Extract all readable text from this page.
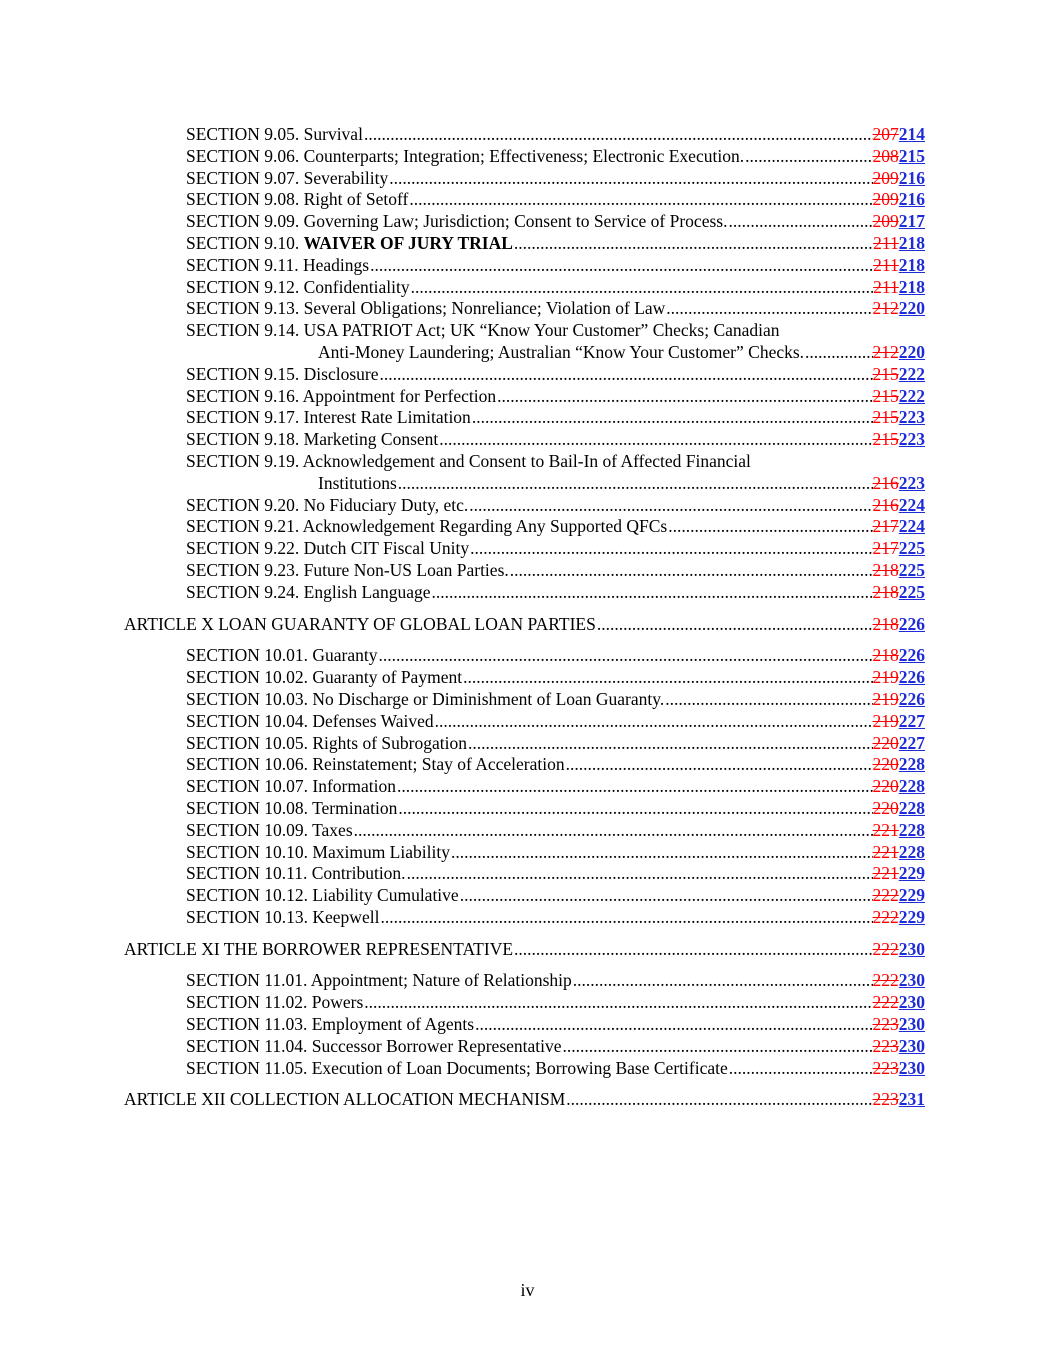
SECTION 9.05. Survival .....	207214
SECTION 9.06. Counterparts; Integration; Effectiveness; Electronic Execution. .....	208215
SECTION 9.07. Severability .....	209216
SECTION 9.08. Right of Setoff .....	209216
SECTION 9.09. Governing Law; Jurisdiction; Consent to Service of Process. .....	209217
SECTION 9.10. WAIVER OF JURY TRIAL .....	211218
SECTION 9.11. Headings .....	211218
SECTION 9.12. Confidentiality .....	211218
SECTION 9.13. Several Obligations; Nonreliance; Violation of Law .....	212220
SECTION 9.14. USA PATRIOT Act; UK “Know Your Customer” Checks; Canadian
Anti-Money Laundering; Australian “Know Your Customer” Checks. .....	212220
SECTION 9.15. Disclosure .....	215222
SECTION 9.16. Appointment for Perfection .....	215222
SECTION 9.17. Interest Rate Limitation .....	215223
SECTION 9.18. Marketing Consent .....	215223
SECTION 9.19. Acknowledgement and Consent to Bail-In of Affected Financial
Institutions .....	216223
SECTION 9.20. No Fiduciary Duty, etc. .....	216224
SECTION 9.21. Acknowledgement Regarding Any Supported QFCs .....	217224
SECTION 9.22. Dutch CIT Fiscal Unity .....	217225
SECTION 9.23. Future Non-US Loan Parties. .....	218225
SECTION 9.24. English Language .....	218225
ARTICLE X LOAN GUARANTY OF GLOBAL LOAN PARTIES .....	218226
SECTION 10.01. Guaranty .....	218226
SECTION 10.02. Guaranty of Payment .....	219226
SECTION 10.03. No Discharge or Diminishment of Loan Guaranty. .....	219226
SECTION 10.04. Defenses Waived .....	219227
SECTION 10.05. Rights of Subrogation .....	220227
SECTION 10.06. Reinstatement; Stay of Acceleration .....	220228
SECTION 10.07. Information .....	220228
SECTION 10.08. Termination .....	220228
SECTION 10.09. Taxes .....	221228
SECTION 10.10. Maximum Liability .....	221228
SECTION 10.11. Contribution. .....	221229
SECTION 10.12. Liability Cumulative .....	222229
SECTION 10.13. Keepwell .....	222229
ARTICLE XI THE BORROWER REPRESENTATIVE .....	222230
SECTION 11.01. Appointment; Nature of Relationship .....	222230
SECTION 11.02. Powers .....	222230
SECTION 11.03. Employment of Agents .....	223230
SECTION 11.04. Successor Borrower Representative .....	223230
SECTION 11.05. Execution of Loan Documents; Borrowing Base Certificate .....	223230
ARTICLE XII COLLECTION ALLOCATION MECHANISM .....	223231
iv
